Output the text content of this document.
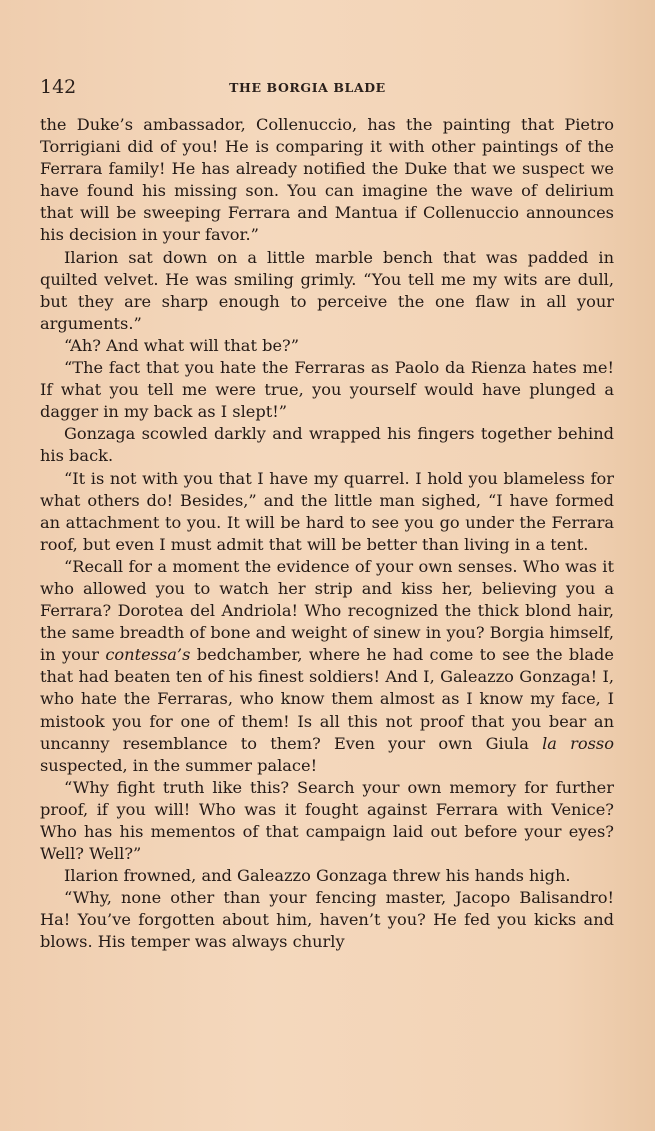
142	THE BORGIA BLADE

the Duke’s ambassador, Collenuccio, has the painting that Pietro Torrigiani did of you! He is comparing it with other paintings of the Ferrara family! He has already notified the Duke that we suspect we have found his missing son. You can imagine the wave of delirium that will be sweeping Ferrara and Mantua if Collenuccio announces his decision in your favor.”

Ilarion sat down on a little marble bench that was padded in quilted velvet. He was smiling grimly. “You tell me my wits are dull, but they are sharp enough to perceive the one flaw in all your arguments.”

“Ah? And what will that be?”

“The fact that you hate the Ferraras as Paolo da Rienza hates me! If what you tell me were true, you yourself would have plunged a dagger in my back as I slept!”

Gonzaga scowled darkly and wrapped his fingers together behind his back.

“It is not with you that I have my quarrel. I hold you blameless for what others do! Besides,” and the little man sighed, “I have formed an attachment to you. It will be hard to see you go under the Ferrara roof, but even I must admit that will be better than living in a tent.

“Recall for a moment the evidence of your own senses. Who was it who allowed you to watch her strip and kiss her, believing you a Ferrara? Dorotea del Andriola! Who recognized the thick blond hair, the same breadth of bone and weight of sinew in you? Borgia himself, in your contessa’s bedchamber, where he had come to see the blade that had beaten ten of his finest soldiers! And I, Galeazzo Gonzaga! I, who hate the Ferraras, who know them almost as I know my face, I mistook you for one of them! Is all this not proof that you bear an uncanny resemblance to them? Even your own Giula la rosso suspected, in the summer palace!

“Why fight truth like this? Search your own memory for further proof, if you will! Who was it fought against Ferrara with Venice? Who has his mementos of that campaign laid out before your eyes? Well? Well?”

Ilarion frowned, and Galeazzo Gonzaga threw his hands high.

“Why, none other than your fencing master, Jacopo Balisandro! Ha! You’ve forgotten about him, haven’t you? He fed you kicks and blows. His temper was always churly
